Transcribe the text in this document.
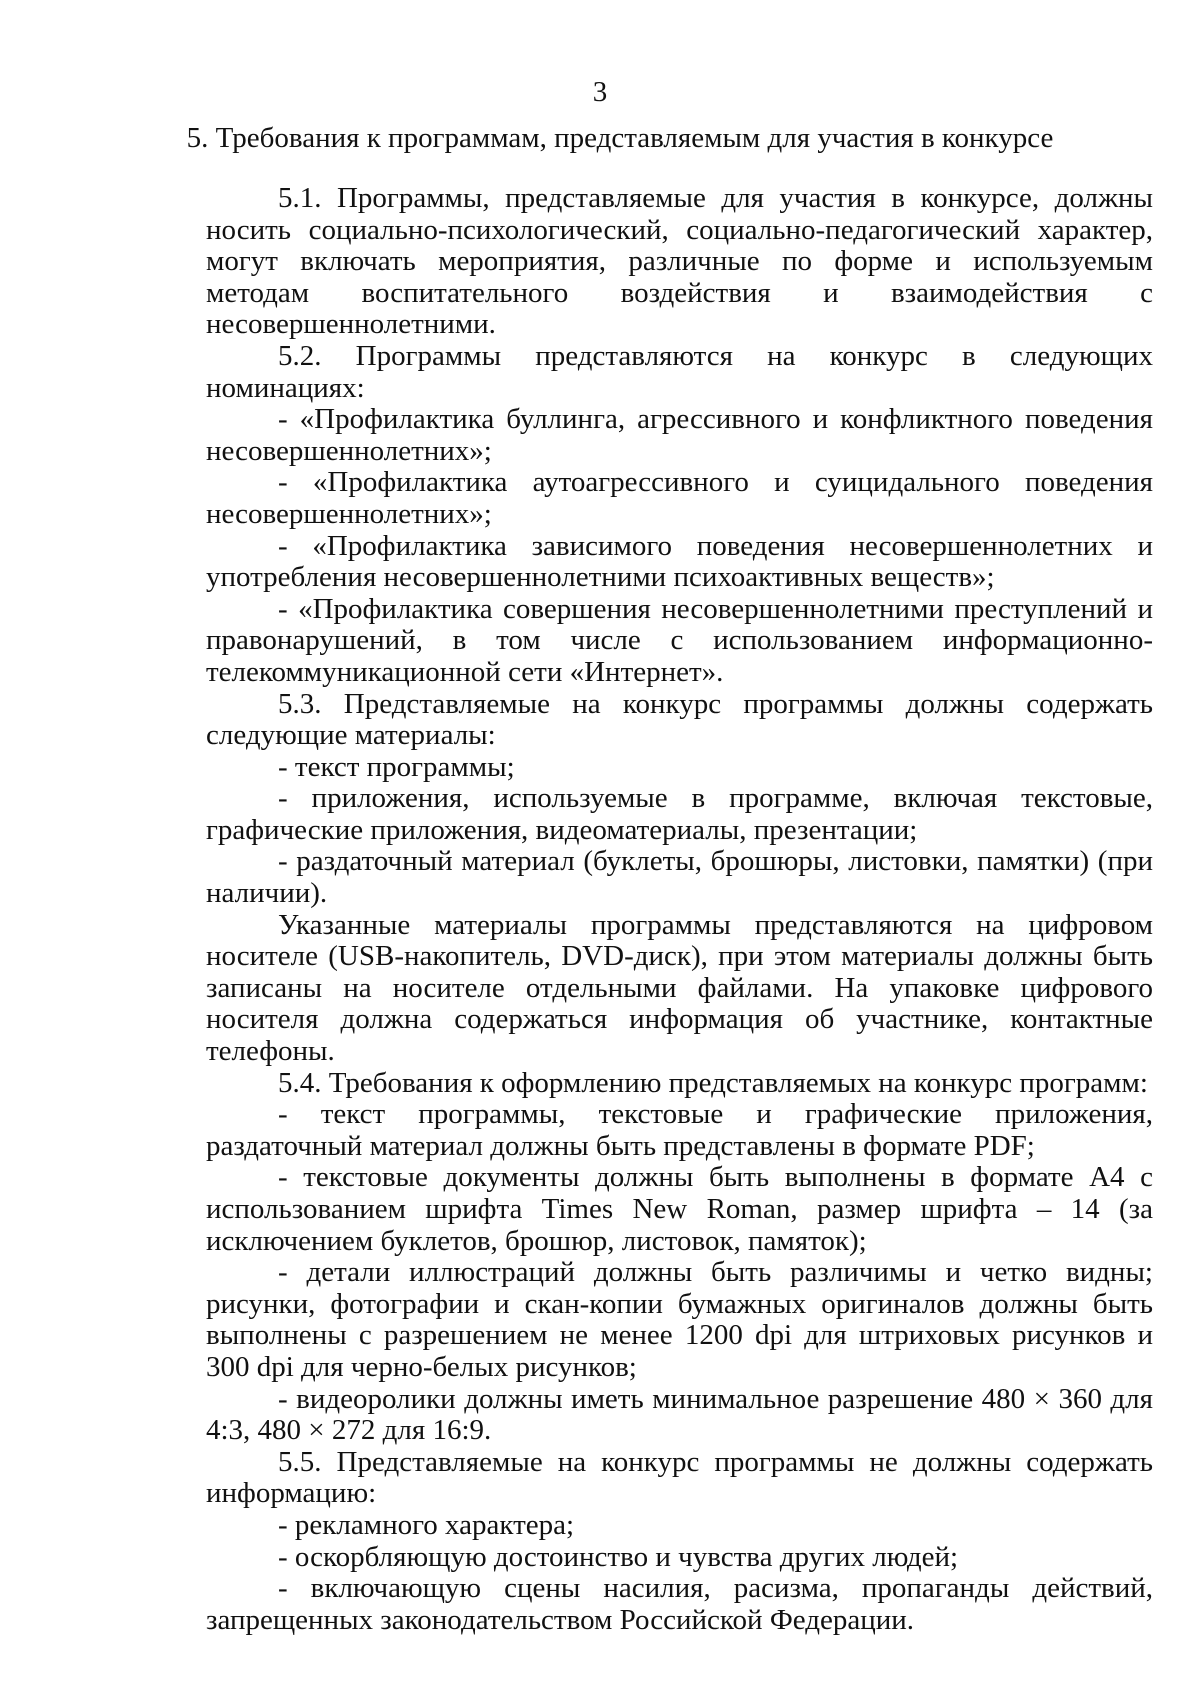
3
5. Требования к программам, представляемым для участия в конкурсе

5.1. Программы, представляемые для участия в конкурсе, должны носить социально-психологический, социально-педагогический характер, могут включать мероприятия, различные по форме и используемым методам воспитательного воздействия и взаимодействия с несовершеннолетними.

5.2. Программы представляются на конкурс в следующих номинациях:

- «Профилактика буллинга, агрессивного и конфликтного поведения несовершеннолетних»;

- «Профилактика аутоагрессивного и суицидального поведения несовершеннолетних»;

- «Профилактика зависимого поведения несовершеннолетних и употребления несовершеннолетними психоактивных веществ»;

- «Профилактика совершения несовершеннолетними преступлений и правонарушений, в том числе с использованием информационно-телекоммуникационной сети «Интернет».

5.3. Представляемые на конкурс программы должны содержать следующие материалы:

- текст программы;

- приложения, используемые в программе, включая текстовые, графические приложения, видеоматериалы, презентации;

- раздаточный материал (буклеты, брошюры, листовки, памятки) (при наличии).

Указанные материалы программы представляются на цифровом носителе (USB-накопитель, DVD-диск), при этом материалы должны быть записаны на носителе отдельными файлами. На упаковке цифрового носителя должна содержаться информация об участнике, контактные телефоны.

5.4. Требования к оформлению представляемых на конкурс программ:

- текст программы, текстовые и графические приложения, раздаточный материал должны быть представлены в формате PDF;

- текстовые документы должны быть выполнены в формате А4 с использованием шрифта Times New Roman, размер шрифта – 14 (за исключением буклетов, брошюр, листовок, памяток);

- детали иллюстраций должны быть различимы и четко видны; рисунки, фотографии и скан-копии бумажных оригиналов должны быть выполнены с разрешением не менее 1200 dpi для штриховых рисунков и 300 dpi для черно-белых рисунков;

- видеоролики должны иметь минимальное разрешение 480 × 360 для 4:3, 480 × 272 для 16:9.

5.5. Представляемые на конкурс программы не должны содержать информацию:

- рекламного характера;

- оскорбляющую достоинство и чувства других людей;

- включающую сцены насилия, расизма, пропаганды действий, запрещенных законодательством Российской Федерации.
